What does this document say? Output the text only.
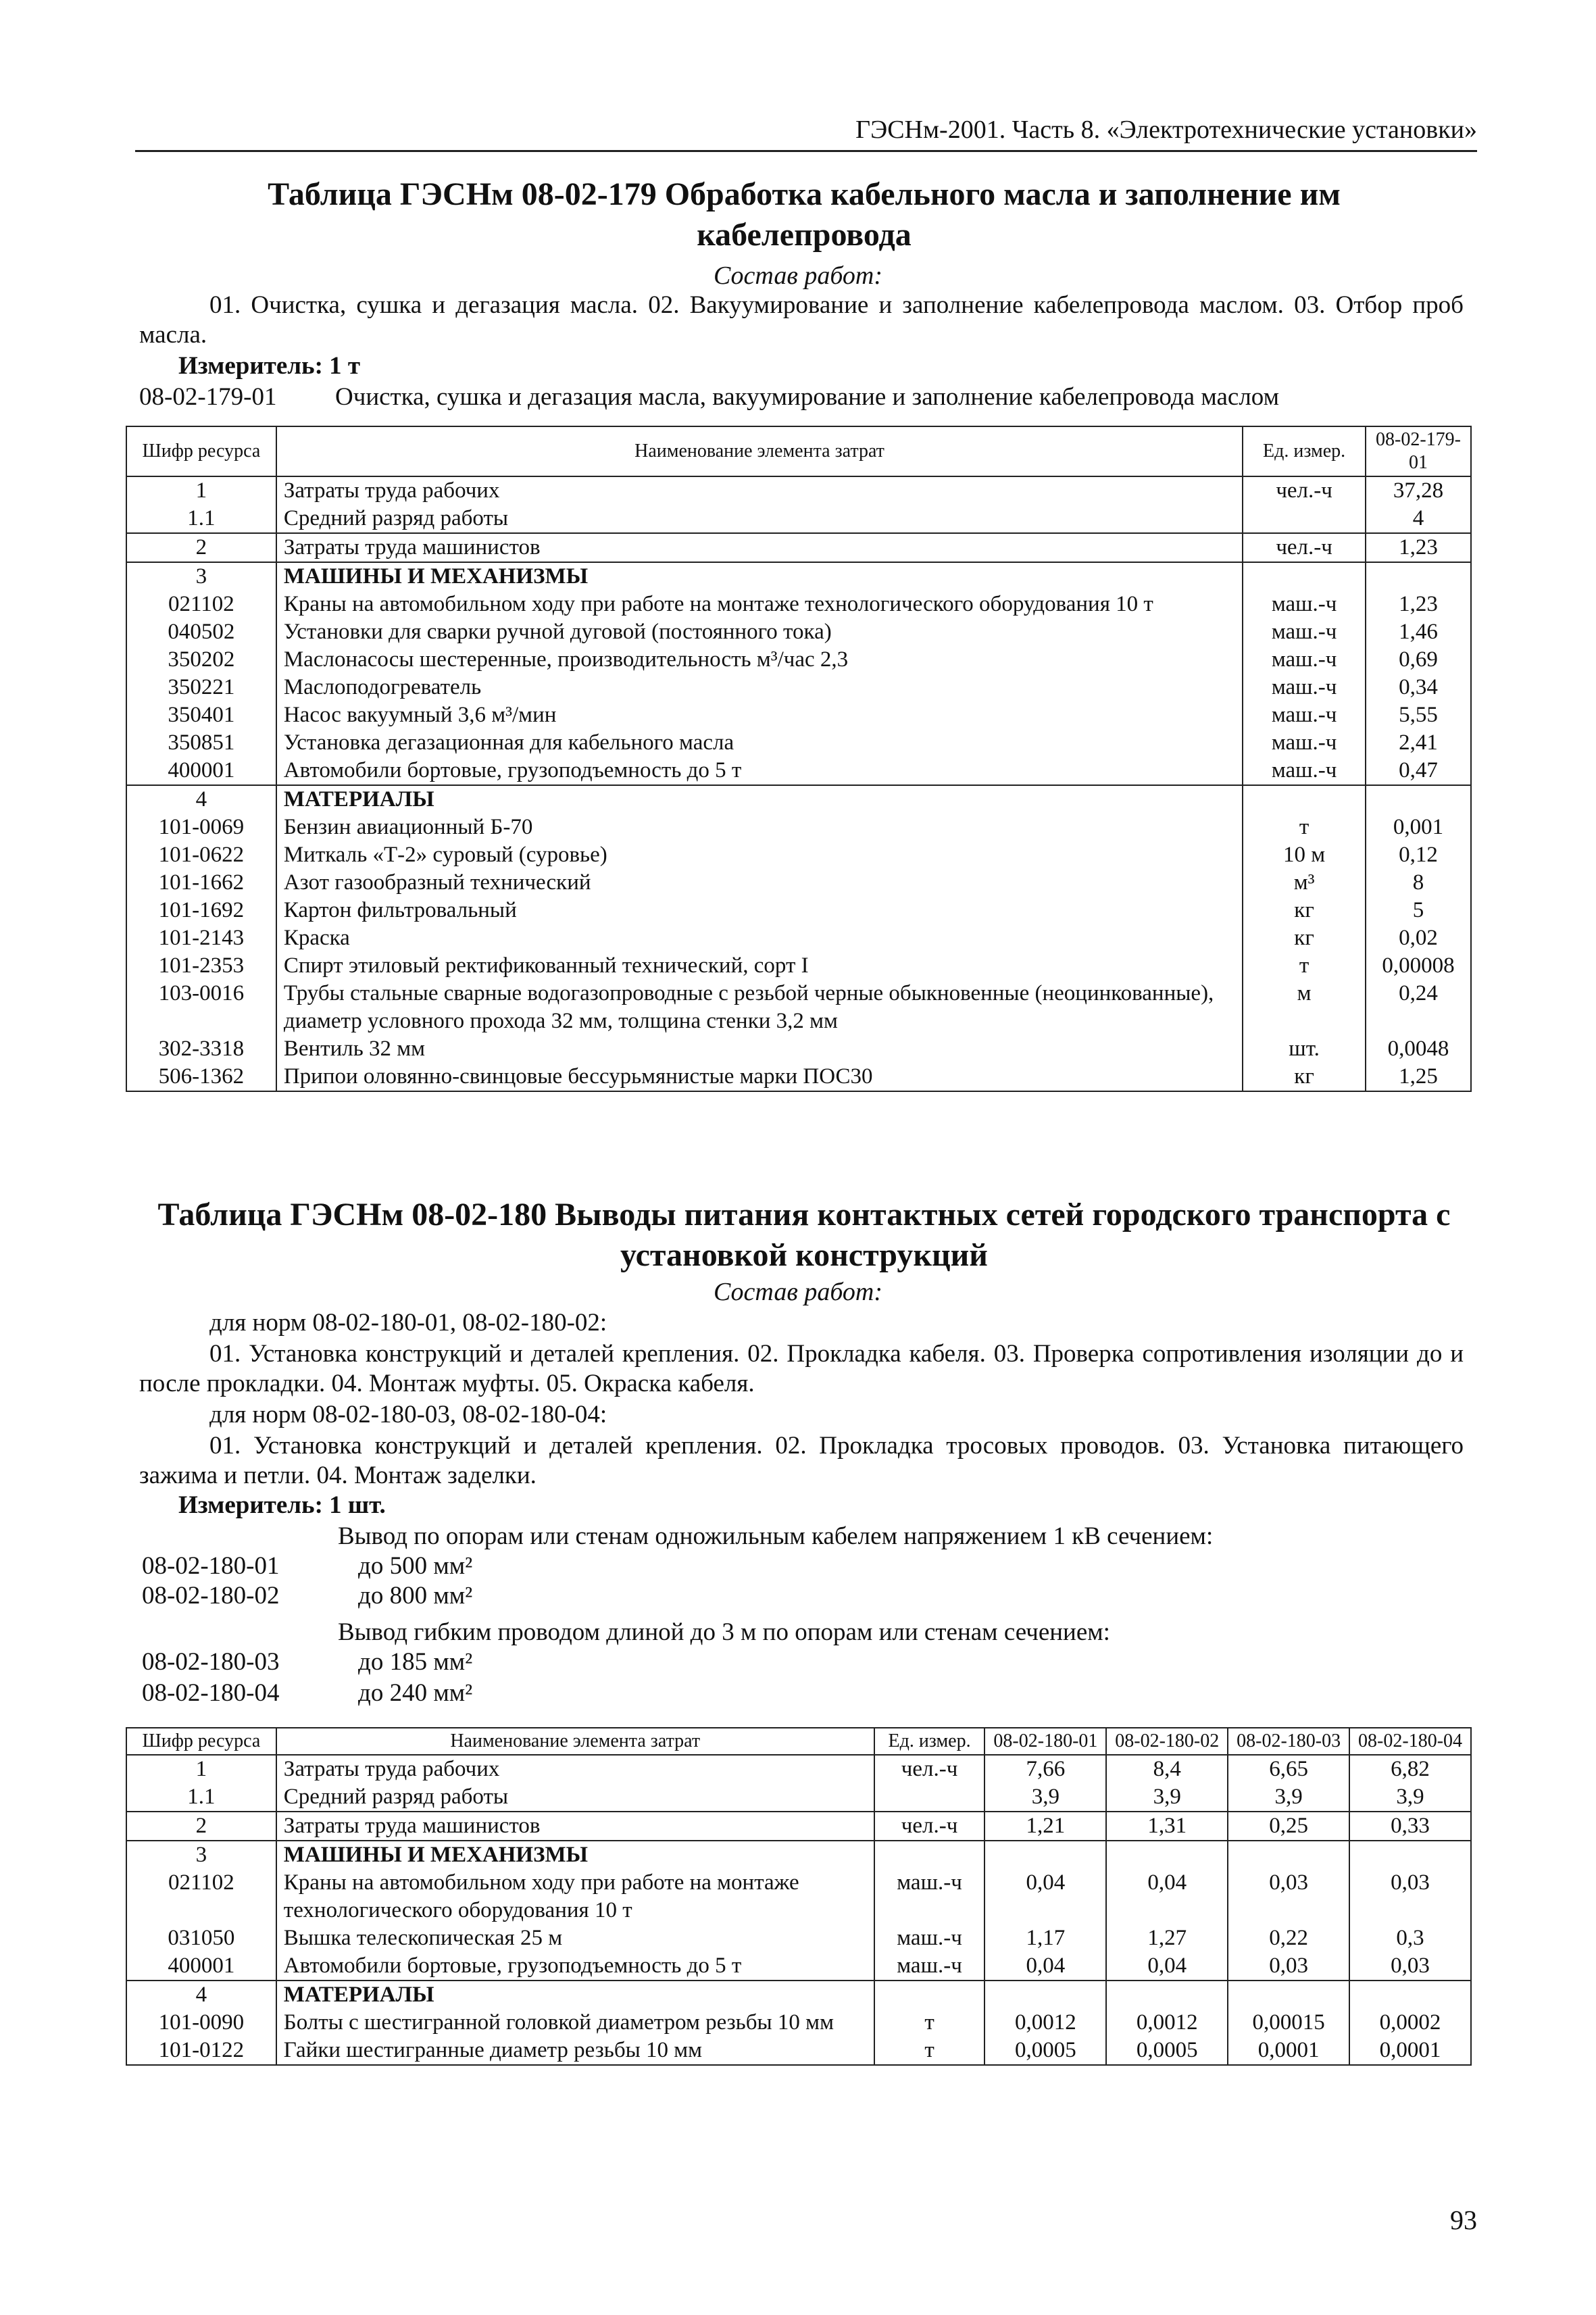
ГЭСНм-2001. Часть 8. «Электротехнические установки»
Таблица ГЭСНм 08-02-179 Обработка кабельного масла и заполнение им
кабелепровода
Состав работ:
01. Очистка, сушка и дегазация масла. 02. Вакуумирование и заполнение кабелепровода маслом. 03. Отбор проб масла.
Измеритель: 1 т
08-02-179-01 Очистка, сушка и дегазация масла, вакуумирование и заполнение кабелепровода маслом
Шифр ресурса	Наименование элемента затрат	Ед. измер.	08-02-179-01
1	Затраты труда рабочих	чел.-ч	37,28
1.1	Средний разряд работы		4
2	Затраты труда машинистов	чел.-ч	1,23
3	МАШИНЫ И МЕХАНИЗМЫ		
021102	Краны на автомобильном ходу при работе на монтаже технологического оборудования 10 т	маш.-ч	1,23
040502	Установки для сварки ручной дуговой (постоянного тока)	маш.-ч	1,46
350202	Маслонасосы шестеренные, производительность м³/час 2,3	маш.-ч	0,69
350221	Маслоподогреватель	маш.-ч	0,34
350401	Насос вакуумный 3,6 м³/мин	маш.-ч	5,55
350851	Установка дегазационная для кабельного масла	маш.-ч	2,41
400001	Автомобили бортовые, грузоподъемность до 5 т	маш.-ч	0,47
4	МАТЕРИАЛЫ		
101-0069	Бензин авиационный Б-70	т	0,001
101-0622	Миткаль «Т-2» суровый (суровье)	10 м	0,12
101-1662	Азот газообразный технический	м³	8
101-1692	Картон фильтровальный	кг	5
101-2143	Краска	кг	0,02
101-2353	Спирт этиловый ректификованный технический, сорт I	т	0,00008
103-0016	Трубы стальные сварные водогазопроводные с резьбой черные обыкновенные (неоцинкованные), диаметр условного прохода 32 мм, толщина стенки 3,2 мм	м	0,24
302-3318	Вентиль 32 мм	шт.	0,0048
506-1362	Припои оловянно-свинцовые бессурьмянистые марки ПОС30	кг	1,25
Таблица ГЭСНм 08-02-180 Выводы питания контактных сетей городского транспорта с
установкой конструкций
Состав работ:
для норм 08-02-180-01, 08-02-180-02:
01. Установка конструкций и деталей крепления. 02. Прокладка кабеля. 03. Проверка сопротивления изоляции до и после прокладки. 04. Монтаж муфты. 05. Окраска кабеля.
для норм 08-02-180-03, 08-02-180-04:
01. Установка конструкций и деталей крепления. 02. Прокладка тросовых проводов. 03. Установка питающего зажима и петли. 04. Монтаж заделки.
Измеритель: 1 шт.
Вывод по опорам или стенам одножильным кабелем напряжением 1 кВ сечением:
08-02-180-01	до 500 мм²
08-02-180-02	до 800 мм²
Вывод гибким проводом длиной до 3 м по опорам или стенам сечением:
08-02-180-03	до 185 мм²
08-02-180-04	до 240 мм²
Шифр ресурса	Наименование элемента затрат	Ед. измер.	08-02-180-01	08-02-180-02	08-02-180-03	08-02-180-04
1	Затраты труда рабочих	чел.-ч	7,66	8,4	6,65	6,82
1.1	Средний разряд работы		3,9	3,9	3,9	3,9
2	Затраты труда машинистов	чел.-ч	1,21	1,31	0,25	0,33
3	МАШИНЫ И МЕХАНИЗМЫ					
021102	Краны на автомобильном ходу при работе на монтаже технологического оборудования 10 т	маш.-ч	0,04	0,04	0,03	0,03
031050	Вышка телескопическая 25 м	маш.-ч	1,17	1,27	0,22	0,3
400001	Автомобили бортовые, грузоподъемность до 5 т	маш.-ч	0,04	0,04	0,03	0,03
4	МАТЕРИАЛЫ					
101-0090	Болты с шестигранной головкой диаметром резьбы 10 мм	т	0,0012	0,0012	0,00015	0,0002
101-0122	Гайки шестигранные диаметр резьбы 10 мм	т	0,0005	0,0005	0,0001	0,0001
93
